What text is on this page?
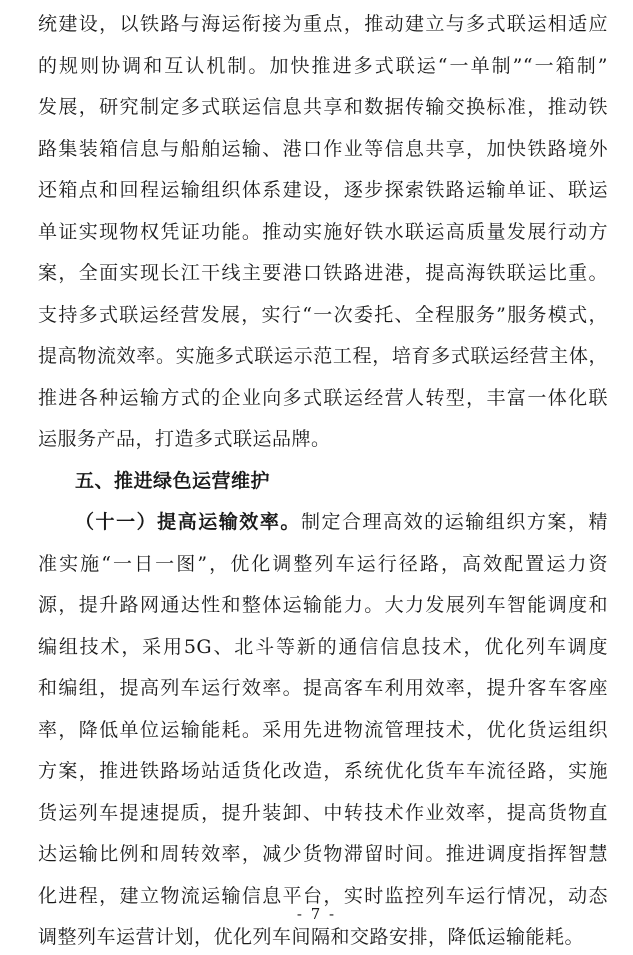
统建设，以铁路与海运衔接为重点，推动建立与多式联运相适应
的规则协调和互认机制。加快推进多式联运“一单制”“一箱制”
发展，研究制定多式联运信息共享和数据传输交换标准，推动铁
路集装箱信息与船舶运输、港口作业等信息共享，加快铁路境外
还箱点和回程运输组织体系建设，逐步探索铁路运输单证、联运
单证实现物权凭证功能。推动实施好铁水联运高质量发展行动方
案，全面实现长江干线主要港口铁路进港，提高海铁联运比重。
支持多式联运经营发展，实行“一次委托、全程服务”服务模式，
提高物流效率。实施多式联运示范工程，培育多式联运经营主体，
推进各种运输方式的企业向多式联运经营人转型，丰富一体化联
运服务产品，打造多式联运品牌。
五、推进绿色运营维护
（十一）提高运输效率。制定合理高效的运输组织方案，精
准实施“一日一图”，优化调整列车运行径路，高效配置运力资
源，提升路网通达性和整体运输能力。大力发展列车智能调度和
编组技术，采用5G、北斗等新的通信信息技术，优化列车调度
和编组，提高列车运行效率。提高客车利用效率，提升客车客座
率，降低单位运输能耗。采用先进物流管理技术，优化货运组织
方案，推进铁路场站适货化改造，系统优化货车车流径路，实施
货运列车提速提质，提升装卸、中转技术作业效率，提高货物直
达运输比例和周转效率，减少货物滞留时间。推进调度指挥智慧
化进程，建立物流运输信息平台，实时监控列车运行情况，动态
调整列车运营计划，优化列车间隔和交路安排，降低运输能耗。
- 7 -
